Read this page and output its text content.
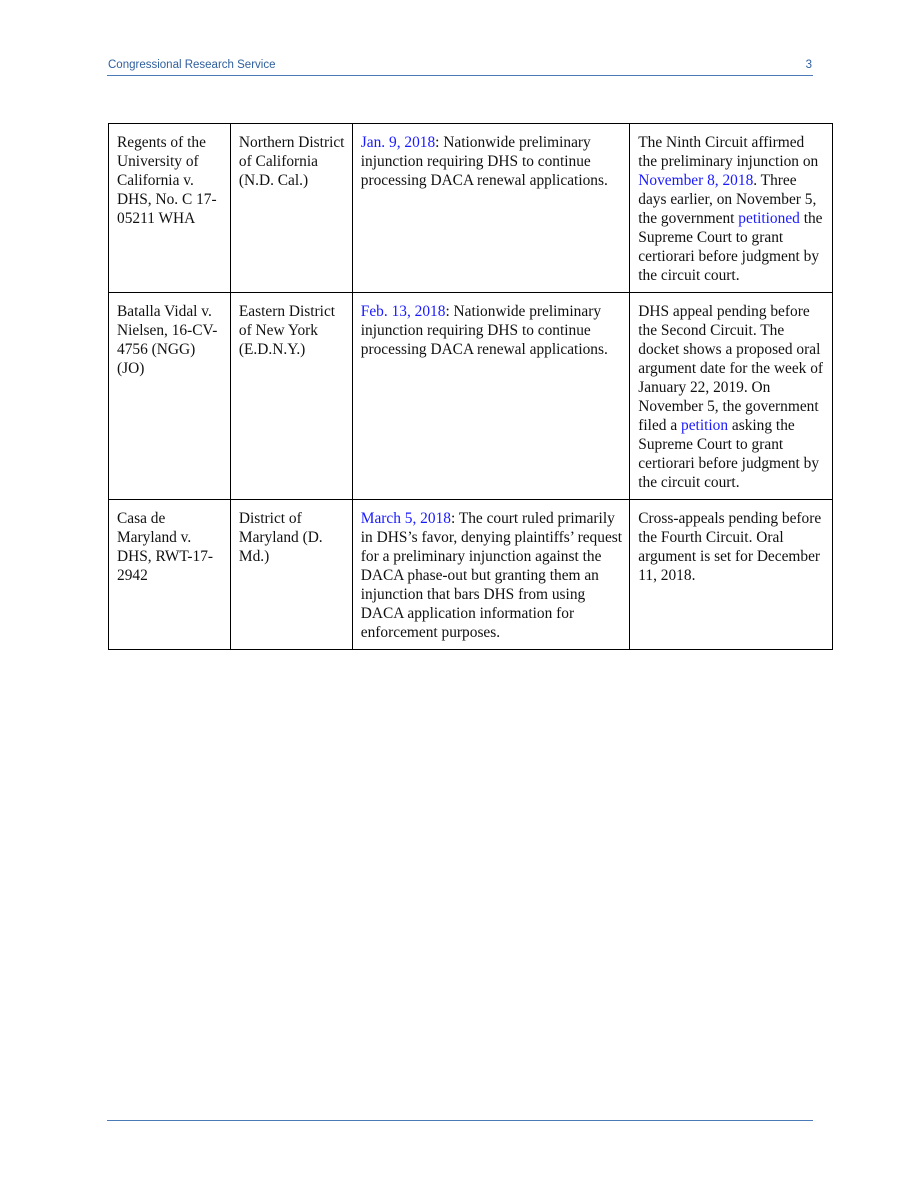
Congressional Research Service	3
Regents of the University of California v. DHS, No. C 17-05211 WHA	Northern District of California (N.D. Cal.)	Jan. 9, 2018: Nationwide preliminary injunction requiring DHS to continue processing DACA renewal applications.	The Ninth Circuit affirmed the preliminary injunction on November 8, 2018. Three days earlier, on November 5, the government petitioned the Supreme Court to grant certiorari before judgment by the circuit court.
Batalla Vidal v. Nielsen, 16-CV-4756 (NGG) (JO)	Eastern District of New York (E.D.N.Y.)	Feb. 13, 2018: Nationwide preliminary injunction requiring DHS to continue processing DACA renewal applications.	DHS appeal pending before the Second Circuit. The docket shows a proposed oral argument date for the week of January 22, 2019. On November 5, the government filed a petition asking the Supreme Court to grant certiorari before judgment by the circuit court.
Casa de Maryland v. DHS, RWT-17-2942	District of Maryland (D. Md.)	March 5, 2018: The court ruled primarily in DHS’s favor, denying plaintiffs’ request for a preliminary injunction against the DACA phase-out but granting them an injunction that bars DHS from using DACA application information for enforcement purposes.	Cross-appeals pending before the Fourth Circuit. Oral argument is set for December 11, 2018.
